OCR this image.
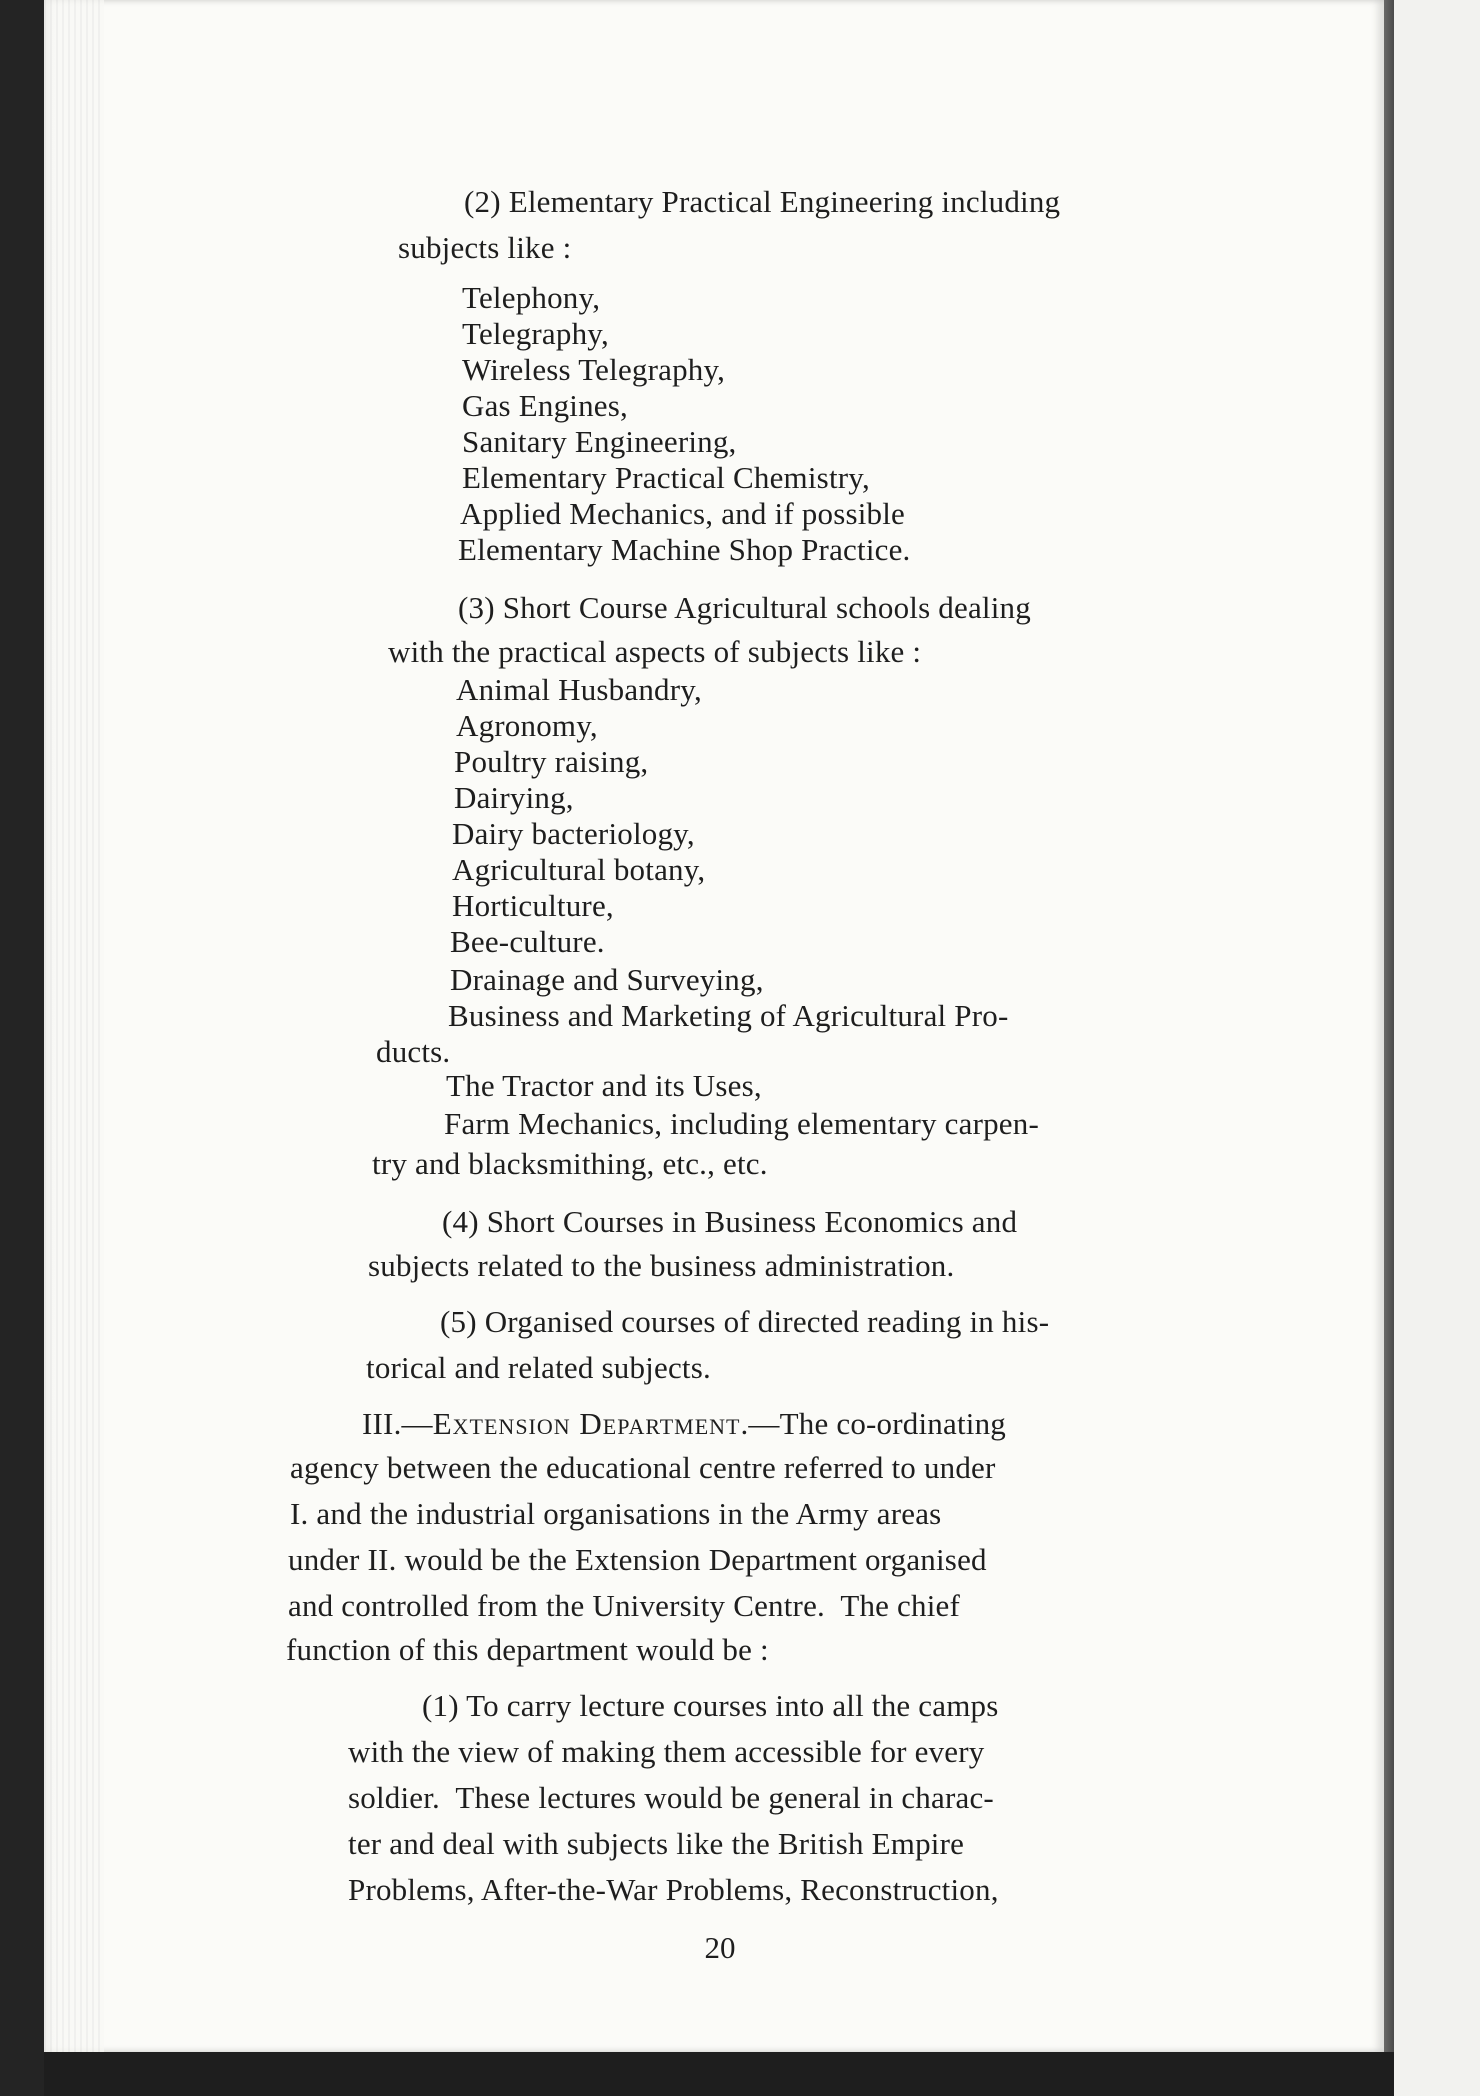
(2) Elementary Practical Engineering including
subjects like :
Telephony,
Telegraphy,
Wireless Telegraphy,
Gas Engines,
Sanitary Engineering,
Elementary Practical Chemistry,
Applied Mechanics, and if possible
Elementary Machine Shop Practice.
(3) Short Course Agricultural schools dealing
with the practical aspects of subjects like :
Animal Husbandry,
Agronomy,
Poultry raising,
Dairying,
Dairy bacteriology,
Agricultural botany,
Horticulture,
Bee-culture.
Drainage and Surveying,
Business and Marketing of Agricultural Pro-
ducts.
The Tractor and its Uses,
Farm Mechanics, including elementary carpen-
try and blacksmithing, etc., etc.
(4) Short Courses in Business Economics and
subjects related to the business administration.
(5) Organised courses of directed reading in his-
torical and related subjects.
III.—Extension Department.—The co-ordinating
agency between the educational centre referred to under
I. and the industrial organisations in the Army areas
under II. would be the Extension Department organised
and controlled from the University Centre.  The chief
function of this department would be :
(1) To carry lecture courses into all the camps
with the view of making them accessible for every
soldier.  These lectures would be general in charac-
ter and deal with subjects like the British Empire
Problems, After-the-War Problems, Reconstruction,
20
